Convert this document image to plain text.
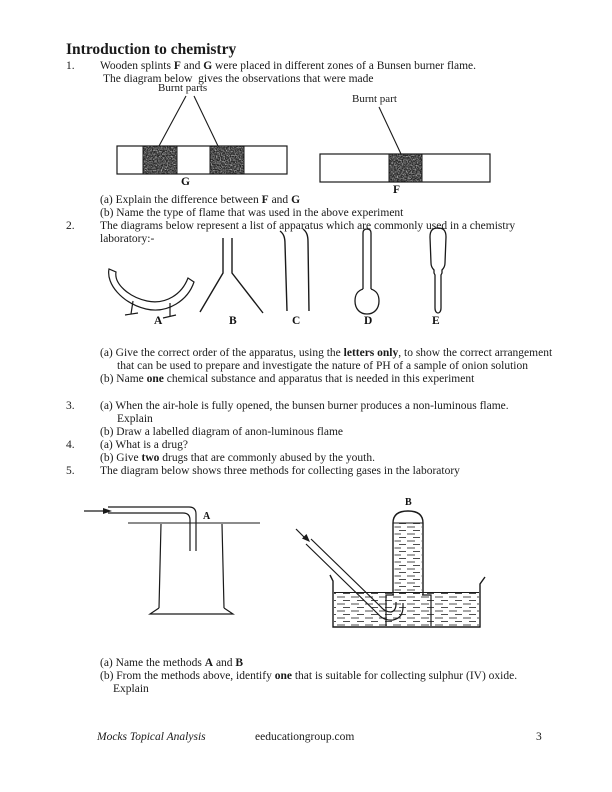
G
F
A	B	C	D	E
A
B
Introduction to chemistry
1. Wooden splints F and G were placed in different zones of a Bunsen burner flame.
The diagram below  gives the observations that were made
Burnt parts
Burnt part
(a) Explain the difference between F and G
(b) Name the type of flame that was used in the above experiment
2. The diagrams below represent a list of apparatus which are commonly used in a chemistry
laboratory:-
(a) Give the correct order of the apparatus, using the letters only, to show the correct arrangement
that can be used to prepare and investigate the nature of PH of a sample of onion solution
(b) Name one chemical substance and apparatus that is needed in this experiment
3. (a) When the air-hole is fully opened, the bunsen burner produces a non-luminous flame.
Explain
(b) Draw a labelled diagram of anon-luminous flame
4. (a) What is a drug?
(b) Give two drugs that are commonly abused by the youth.
5. The diagram below shows three methods for collecting gases in the laboratory
(a) Name the methods A and B
(b) From the methods above, identify one that is suitable for collecting sulphur (IV) oxide.
Explain
Mocks Topical Analysis	eeducationgroup.com	3
